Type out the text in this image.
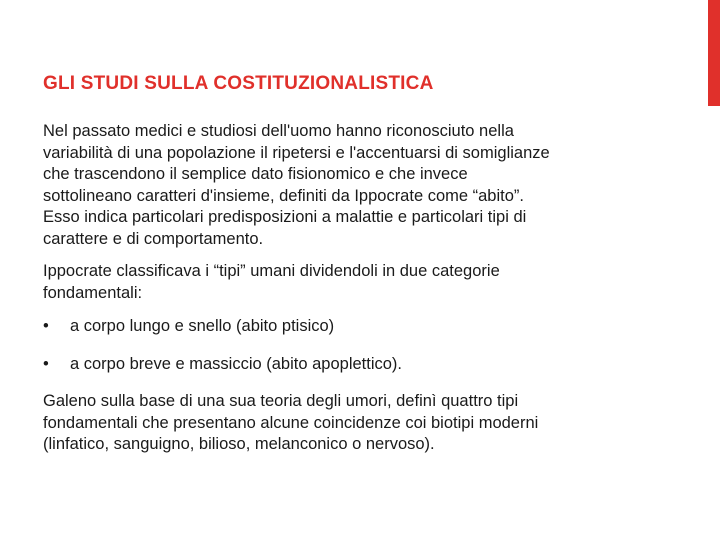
GLI STUDI SULLA COSTITUZIONALISTICA

Nel passato medici e studiosi dell'uomo hanno riconosciuto nella
variabilità di una popolazione il ripetersi e l'accentuarsi di somiglianze
che trascendono il semplice dato fisionomico e che invece
sottolineano caratteri d'insieme, definiti da Ippocrate come “abito”.
Esso indica particolari predisposizioni a malattie e particolari tipi di
carattere e di comportamento.

Ippocrate classificava i “tipi” umani dividendoli in due categorie
fondamentali:

• a corpo lungo e snello (abito ptisico)
• a corpo breve e massiccio (abito apoplettico).

Galeno sulla base di una sua teoria degli umori, definì quattro tipi
fondamentali che presentano alcune coincidenze coi biotipi moderni
(linfatico, sanguigno, bilioso, melanconico o nervoso).
